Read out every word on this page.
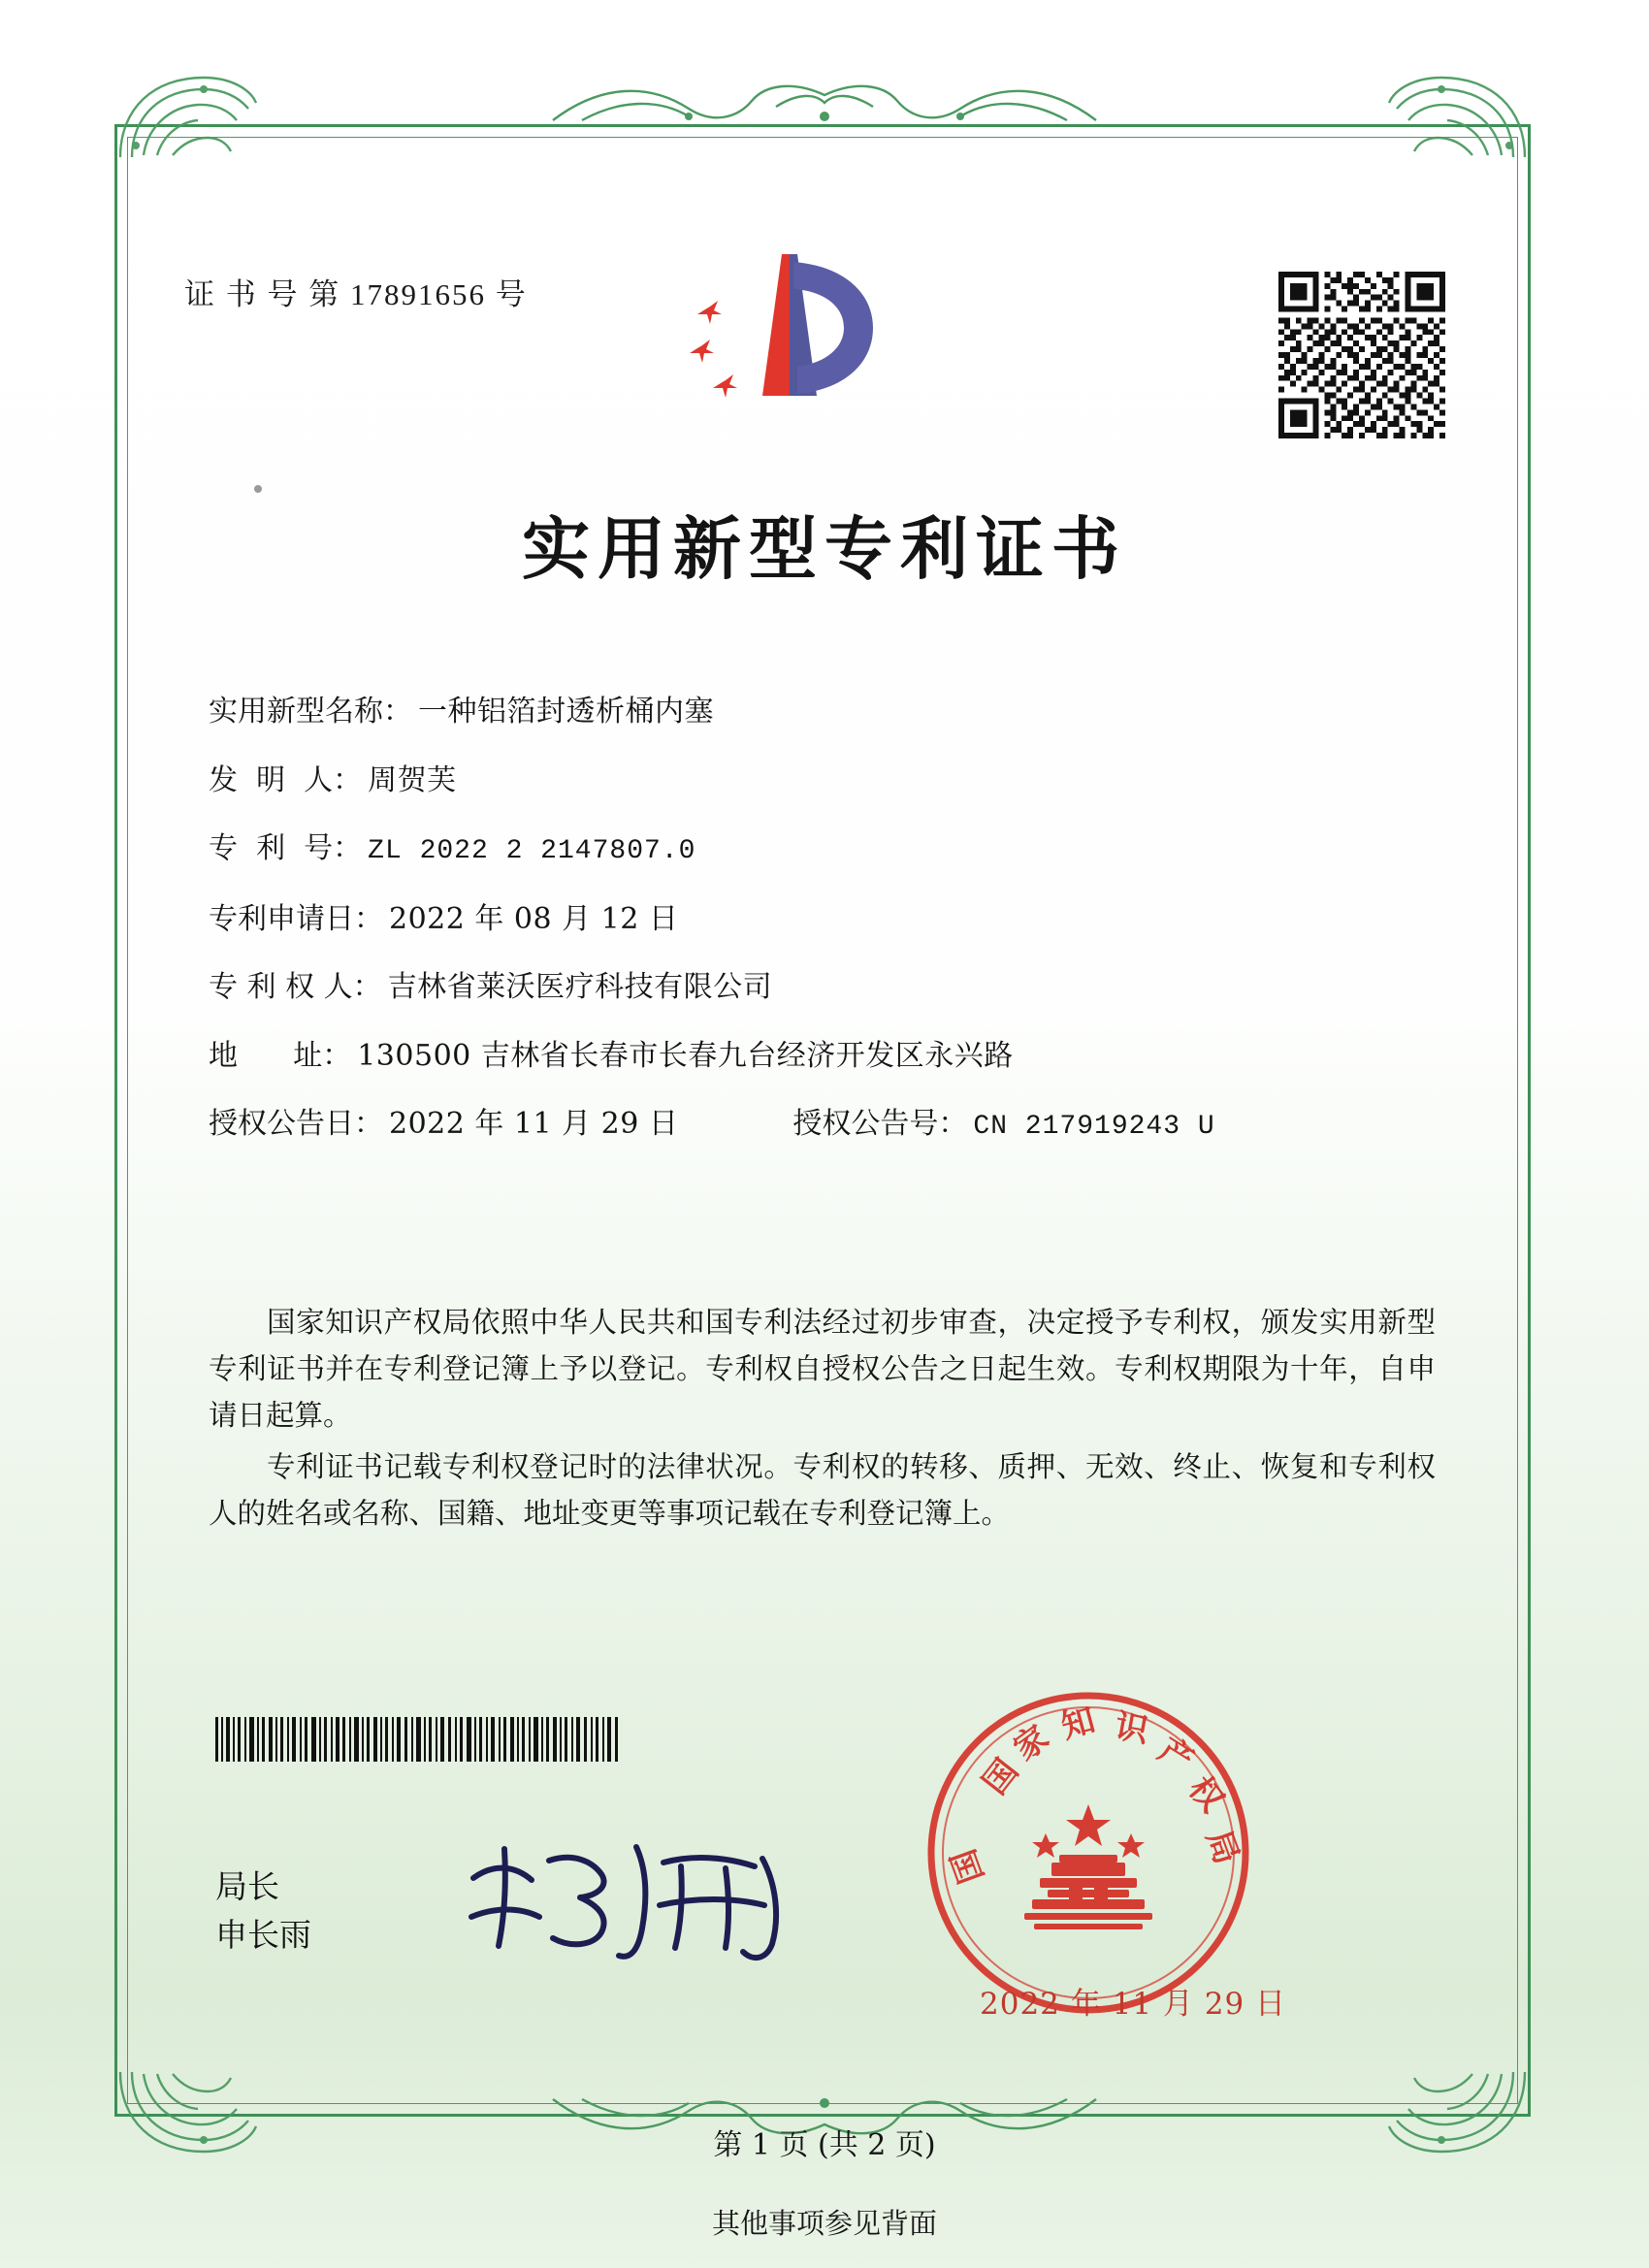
证 书 号 第 17891656 号
实用新型专利证书
实用新型名称： 一种铝箔封透析桶内塞
发  明  人： 周贺芙
专  利  号： ZL 2022 2 2147807.0
专利申请日： 2022 年 08 月 12 日
专 利 权 人： 吉林省莱沃医疗科技有限公司
地      址： 130500 吉林省长春市长春九台经济开发区永兴路
授权公告日： 2022 年 11 月 29 日	授权公告号： CN 217919243 U

国家知识产权局依照中华人民共和国专利法经过初步审查，决定授予专利权，颁发实用新型专利证书并在专利登记簿上予以登记。专利权自授权公告之日起生效。专利权期限为十年，自申请日起算。

专利证书记载专利权登记时的法律状况。专利权的转移、质押、无效、终止、恢复和专利权人的姓名或名称、国籍、地址变更等事项记载在专利登记簿上。

局长
申长雨
国
家 知 识
产
权
局
国
2022 年 11 月 29 日
第 1 页 (共 2 页)
其他事项参见背面
